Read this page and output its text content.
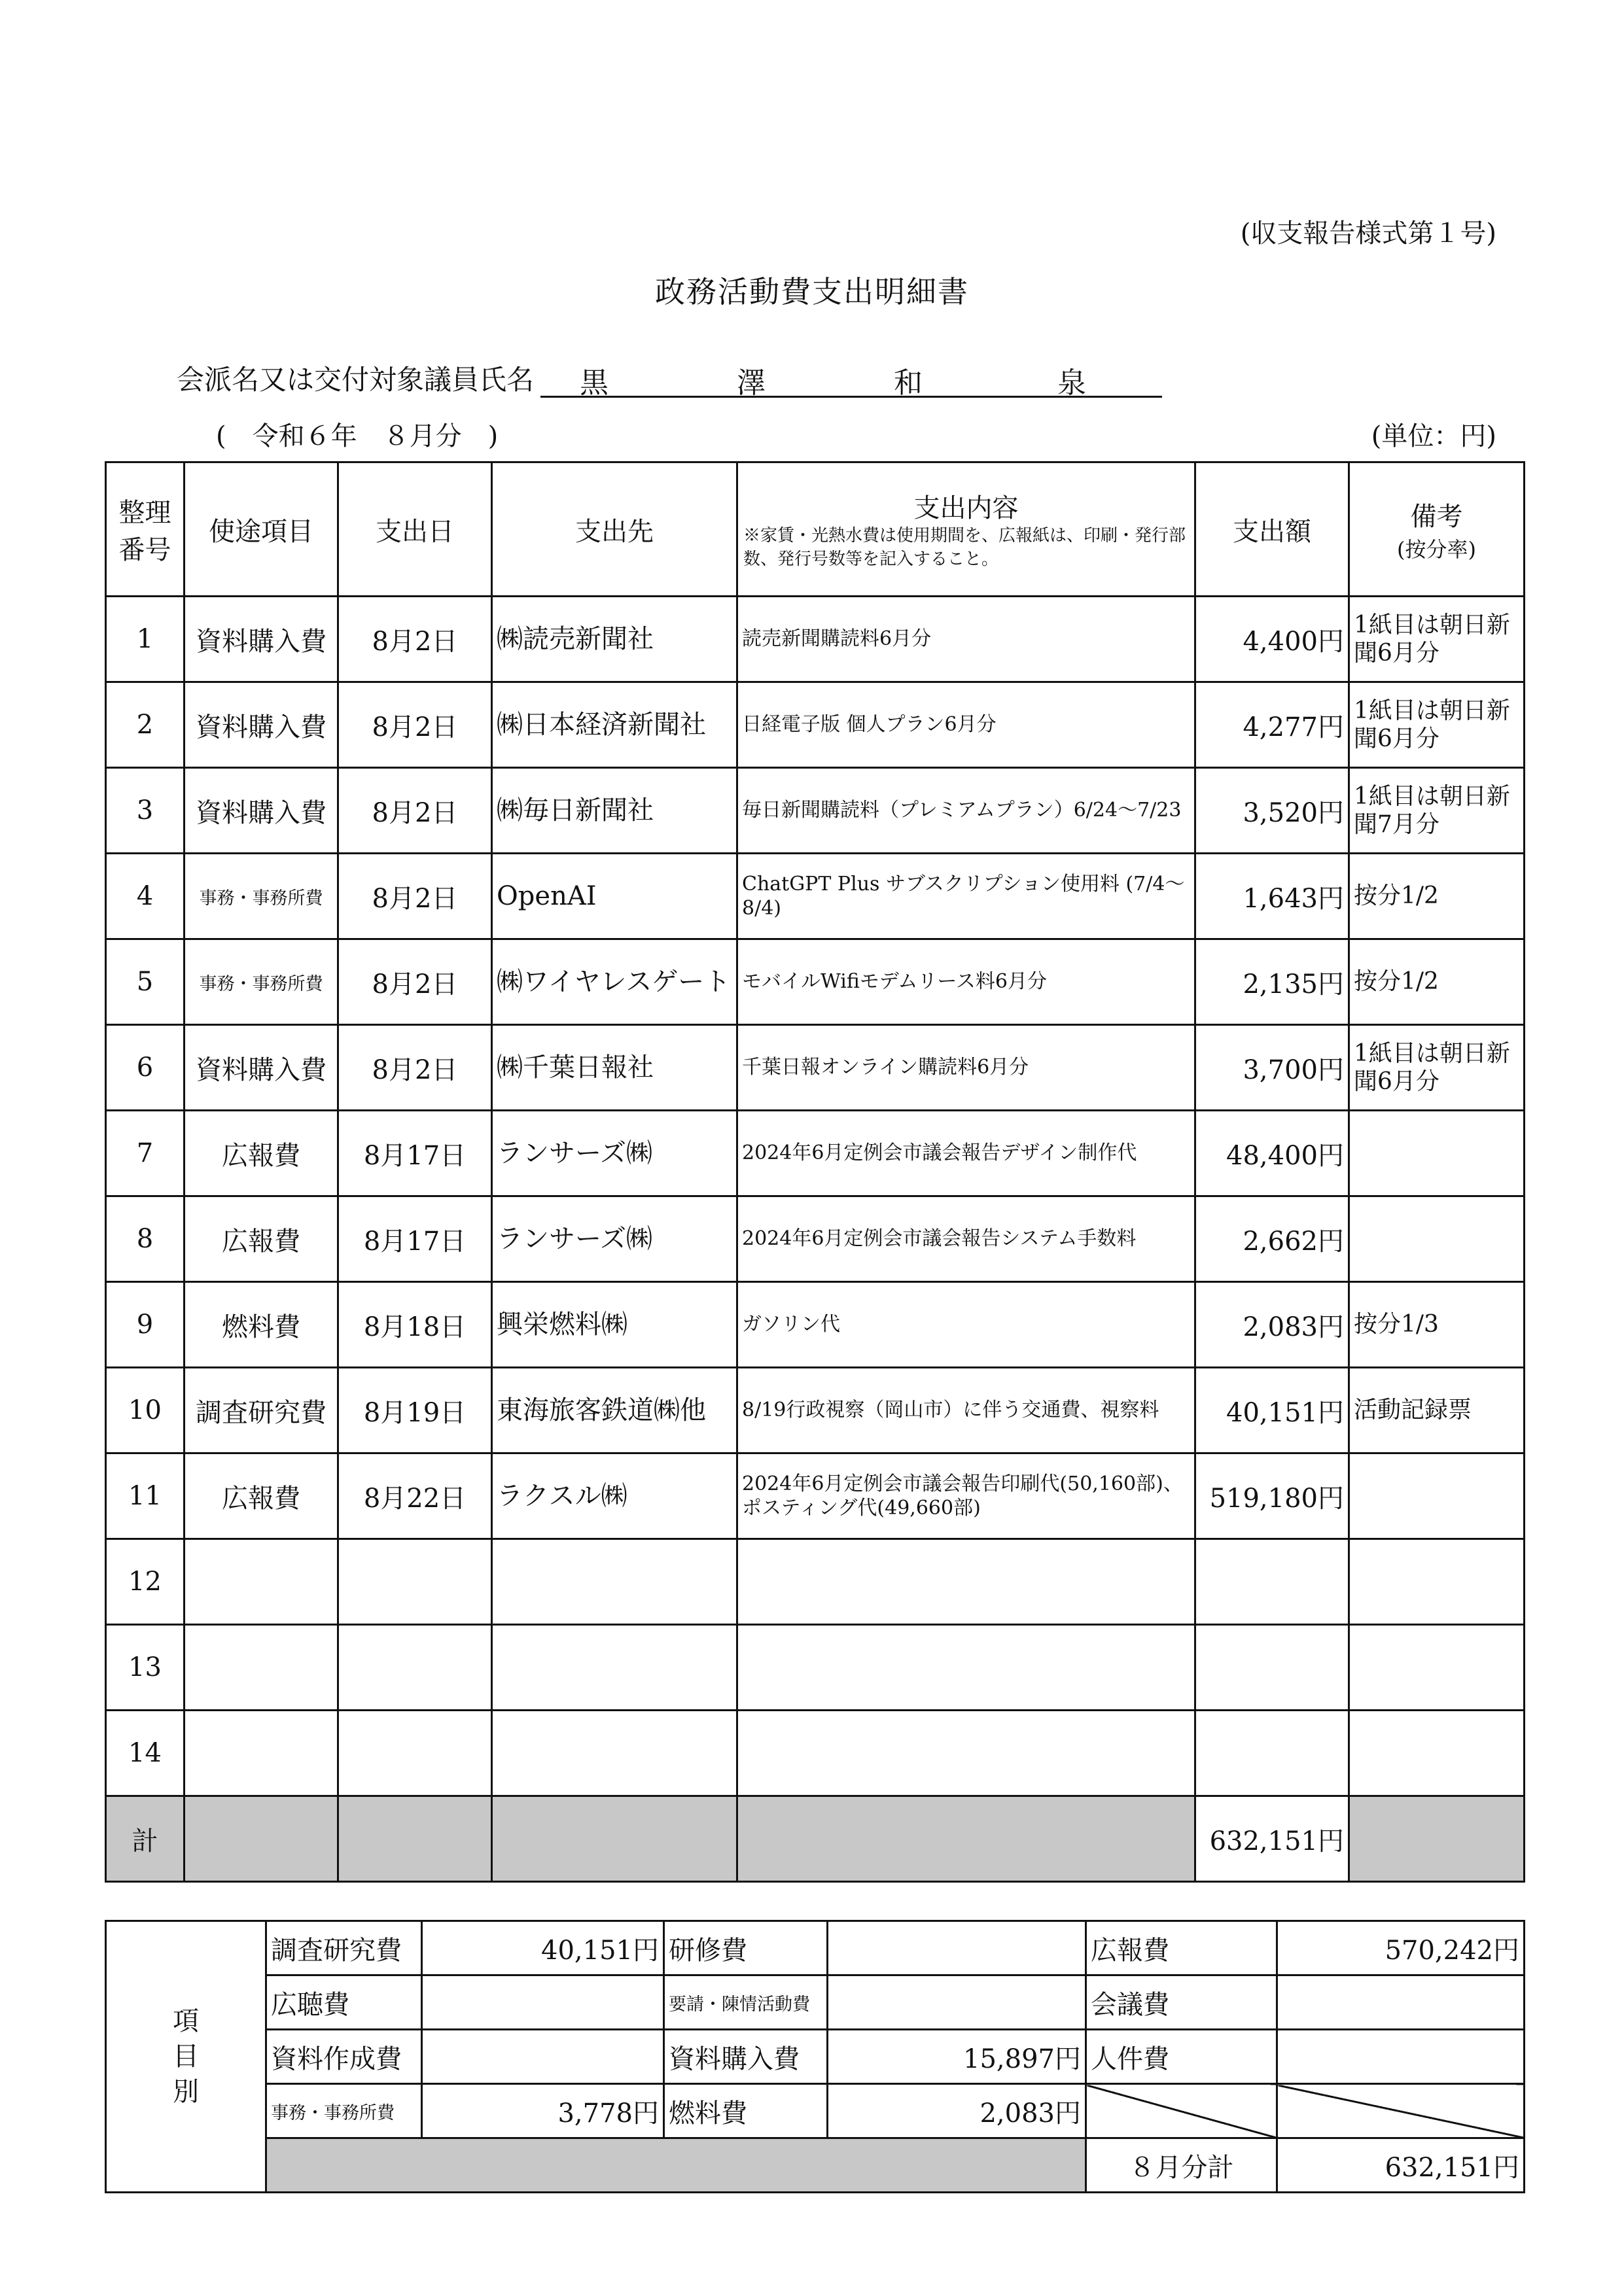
(収支報告様式第１号)
政務活動費支出明細書
会派名又は交付対象議員氏名 黒	澤	和	泉
(　令和６年　８月分　)	(単位：円)
整理番号	使途項目	支出日	支出先	支出内容
※家賃・光熱水費は使用期間を、広報紙は、印刷・発行部数、発行号数等を記入すること。	支出額	備考
(按分率)

1	資料購入費	8月2日	㈱読売新聞社	読売新聞購読料6月分	4,400円	1紙目は朝日新聞6月分
2	資料購入費	8月2日	㈱日本経済新聞社	日経電子版 個人プラン6月分	4,277円	1紙目は朝日新聞6月分
3	資料購入費	8月2日	㈱毎日新聞社	毎日新聞購読料（プレミアムプラン）6/24～7/23	3,520円	1紙目は朝日新聞7月分
4	事務・事務所費	8月2日	OpenAI	ChatGPT Plus サブスクリプション使用料 (7/4～8/4)	1,643円	按分1/2
5	事務・事務所費	8月2日	㈱ワイヤレスゲート	モバイルWifiモデムリース料6月分	2,135円	按分1/2
6	資料購入費	8月2日	㈱千葉日報社	千葉日報オンライン購読料6月分	3,700円	1紙目は朝日新聞6月分
7	広報費	8月17日	ランサーズ㈱	2024年6月定例会市議会報告デザイン制作代	48,400円	
8	広報費	8月17日	ランサーズ㈱	2024年6月定例会市議会報告システム手数料	2,662円	
9	燃料費	8月18日	興栄燃料㈱	ガソリン代	2,083円	按分1/3
10	調査研究費	8月19日	東海旅客鉄道㈱他	8/19行政視察（岡山市）に伴う交通費、視察料	40,151円	活動記録票
11	広報費	8月22日	ラクスル㈱	2024年6月定例会市議会報告印刷代(50,160部)、ポスティング代(49,660部)	519,180円	
12						
13						
14						
計					632,151円	
項目別	調査研究費	40,151円	研修費		広報費	570,242円
	広聴費		要請・陳情活動費		会議費	
	資料作成費		資料購入費	15,897円	人件費	
	事務・事務所費	3,778円	燃料費	2,083円		
					８月分計	632,151円
